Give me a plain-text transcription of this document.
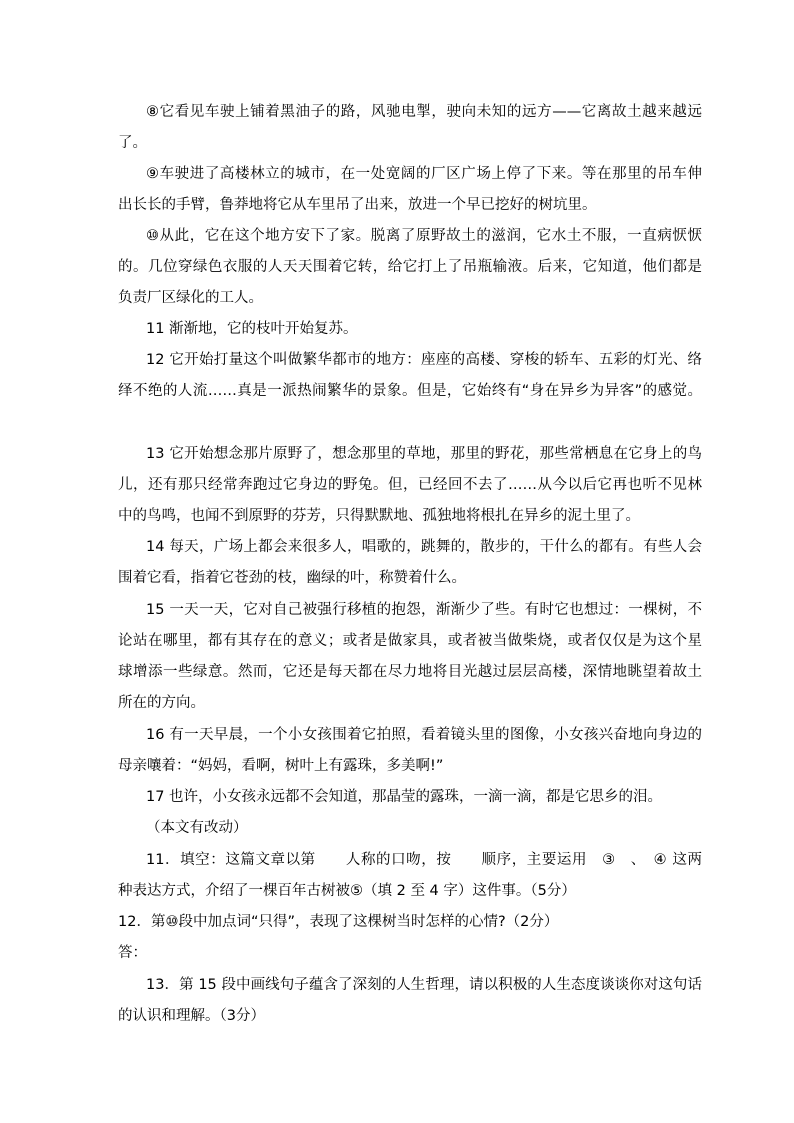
⑧它看见车驶上铺着黑油子的路，风驰电掣，驶向未知的远方——它离故土越来越远
了。
⑨车驶进了高楼林立的城市，在一处宽阔的厂区广场上停了下来。等在那里的吊车伸
出长长的手臂，鲁莽地将它从车里吊了出来，放进一个早已挖好的树坑里。
⑩从此，它在这个地方安下了家。脱离了原野故土的滋润，它水土不服，一直病恹恹
的。几位穿绿色衣服的人天天围着它转，给它打上了吊瓶输液。后来，它知道，他们都是
负责厂区绿化的工人。
11 渐渐地，它的枝叶开始复苏。
12 它开始打量这个叫做繁华都市的地方：座座的高楼、穿梭的轿车、五彩的灯光、络
绎不绝的人流……真是一派热闹繁华的景象。但是，它始终有“身在异乡为异客”的感觉。
13 它开始想念那片原野了，想念那里的草地，那里的野花，那些常栖息在它身上的鸟
儿，还有那只经常奔跑过它身边的野兔。但，已经回不去了……从今以后它再也听不见林
中的鸟鸣，也闻不到原野的芬芳，只得默默地、孤独地将根扎在异乡的泥土里了。
14 每天，广场上都会来很多人，唱歌的，跳舞的，散步的，干什么的都有。有些人会
围着它看，指着它苍劲的枝，幽绿的叶，称赞着什么。
15 一天一天，它对自己被强行移植的抱怨，渐渐少了些。有时它也想过：一棵树，不
论站在哪里，都有其存在的意义；或者是做家具，或者被当做柴烧，或者仅仅是为这个星
球增添一些绿意。然而，它还是每天都在尽力地将目光越过层层高楼，深情地眺望着故土
所在的方向。
16 有一天早晨，一个小女孩围着它拍照，看着镜头里的图像，小女孩兴奋地向身边的
母亲嚷着：“妈妈，看啊，树叶上有露珠，多美啊!”
17 也许，小女孩永远都不会知道，那晶莹的露珠，一滴一滴，都是它思乡的泪。
（本文有改动）
11．填空：这篇文章以第　　人称的口吻，按　　顺序，主要运用　③　、　④ 这两
种表达方式，介绍了一棵百年古树被⑤（填 2 至 4 字）这件事。（5分）
12．第⑩段中加点词“只得”，表现了这棵树当时怎样的心情?（2分）
答：
13．第 15 段中画线句子蕴含了深刻的人生哲理，请以积极的人生态度谈谈你对这句话
的认识和理解。（3分）
